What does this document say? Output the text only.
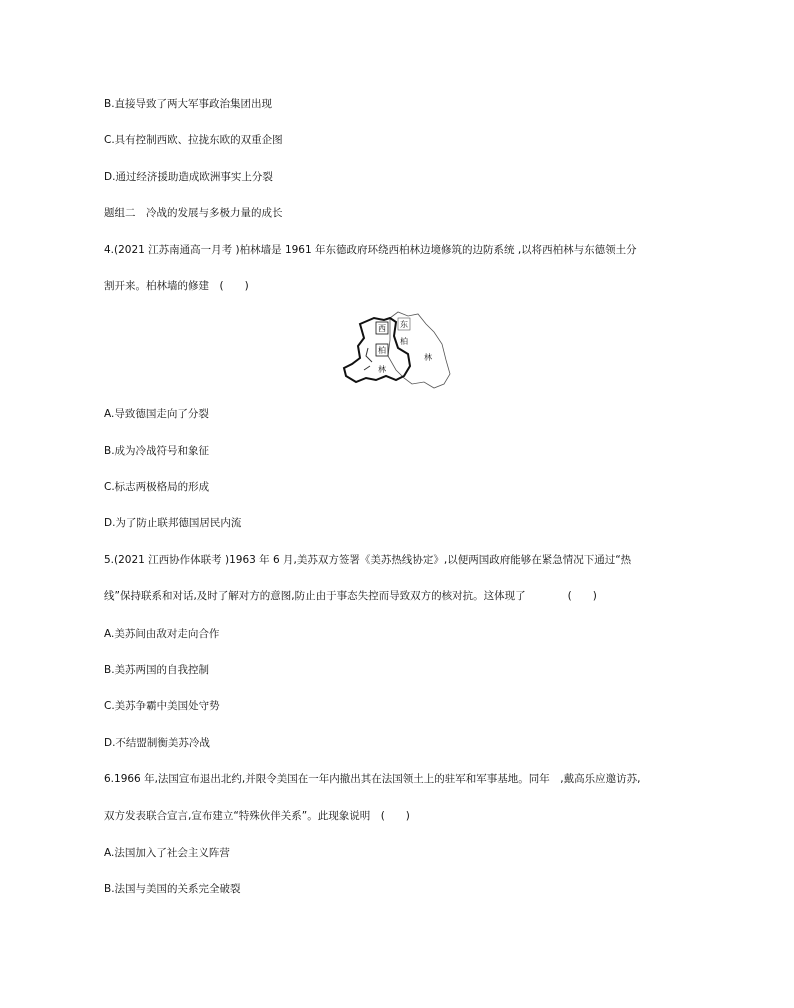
B.直接导致了两大军事政治集团出现
C.具有控制西欧、拉拢东欧的双重企图
D.通过经济援助造成欧洲事实上分裂
题组二　冷战的发展与多极力量的成长
4.(2021 江苏南通高一月考 )柏林墙是 1961 年东德政府环绕西柏林边境修筑的边防系统 ,以将西柏林与东德领土分
割开来。柏林墙的修建　(　　)
西
柏
林
东
柏
林
A.导致德国走向了分裂
B.成为冷战符号和象征
C.标志两极格局的形成
D.为了防止联邦德国居民内流
5.(2021 江西协作体联考 )1963 年 6 月,美苏双方签署《美苏热线协定》,以便两国政府能够在紧急情况下通过“热
线”保持联系和对话,及时了解对方的意图,防止由于事态失控而导致双方的核对抗。这体现了　　　　(　　)
A.美苏间由敌对走向合作
B.美苏两国的自我控制
C.美苏争霸中美国处守势
D.不结盟制衡美苏冷战
6.1966 年,法国宣布退出北约,并限令美国在一年内撤出其在法国领土上的驻军和军事基地。同年　,戴高乐应邀访苏,
双方发表联合宣言,宣布建立“特殊伙伴关系”。此现象说明　(　　)
A.法国加入了社会主义阵营
B.法国与美国的关系完全破裂
